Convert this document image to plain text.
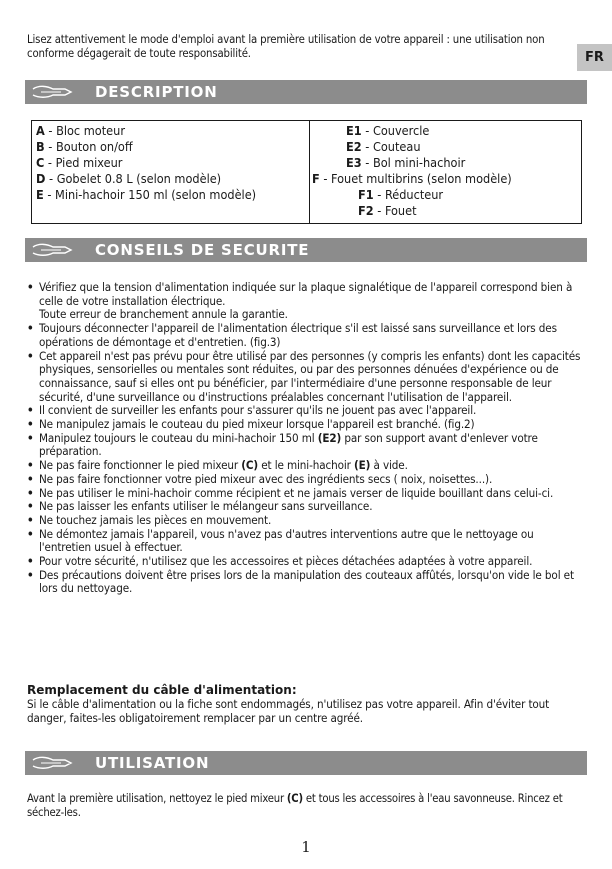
Lisez attentivement le mode d'emploi avant la première utilisation de votre appareil : une utilisation non conforme dégagerait de toute responsabilité.	FR
DESCRIPTION
A - Bloc moteur
B - Bouton on/off
C - Pied mixeur
D - Gobelet 0.8 L (selon modèle)
E - Mini-hachoir 150 ml (selon modèle)
E1 - Couvercle
E2 - Couteau
E3 - Bol mini-hachoir
F - Fouet multibrins (selon modèle)
F1 - Réducteur
F2 - Fouet
CONSEILS DE SECURITE
• Vérifiez que la tension d'alimentation indiquée sur la plaque signalétique de l'appareil correspond bien à celle de votre installation électrique.
Toute erreur de branchement annule la garantie.
• Toujours déconnecter l'appareil de l'alimentation électrique s'il est laissé sans surveillance et lors des opérations de démontage et d'entretien. (fig.3)
• Cet appareil n'est pas prévu pour être utilisé par des personnes (y compris les enfants) dont les capacités physiques, sensorielles ou mentales sont réduites, ou par des personnes dénuées d'expérience ou de connaissance, sauf si elles ont pu bénéficier, par l'intermédiaire d'une personne responsable de leur sécurité, d'une surveillance ou d'instructions préalables concernant l'utilisation de l'appareil.
• Il convient de surveiller les enfants pour s'assurer qu'ils ne jouent pas avec l'appareil.
• Ne manipulez jamais le couteau du pied mixeur lorsque l'appareil est branché. (fig.2)
• Manipulez toujours le couteau du mini-hachoir 150 ml (E2) par son support avant d'enlever votre préparation.
• Ne pas faire fonctionner le pied mixeur (C) et le mini-hachoir (E) à vide.
• Ne pas faire fonctionner votre pied mixeur avec des ingrédients secs ( noix, noisettes...).
• Ne pas utiliser le mini-hachoir comme récipient et ne jamais verser de liquide bouillant dans celui-ci.
• Ne pas laisser les enfants utiliser le mélangeur sans surveillance.
• Ne touchez jamais les pièces en mouvement.
• Ne démontez jamais l'appareil, vous n'avez pas d'autres interventions autre que le nettoyage ou l'entretien usuel à effectuer.
• Pour votre sécurité, n'utilisez que les accessoires et pièces détachées adaptées à votre appareil.
• Des précautions doivent être prises lors de la manipulation des couteaux affûtés, lorsqu'on vide le bol et lors du nettoyage.
Remplacement du câble d'alimentation:
Si le câble d'alimentation ou la fiche sont endommagés, n'utilisez pas votre appareil. Afin d'éviter tout danger, faites-les obligatoirement remplacer par un centre agréé.
UTILISATION
Avant la première utilisation, nettoyez le pied mixeur (C) et tous les accessoires à l'eau savonneuse. Rincez et séchez-les.
1
